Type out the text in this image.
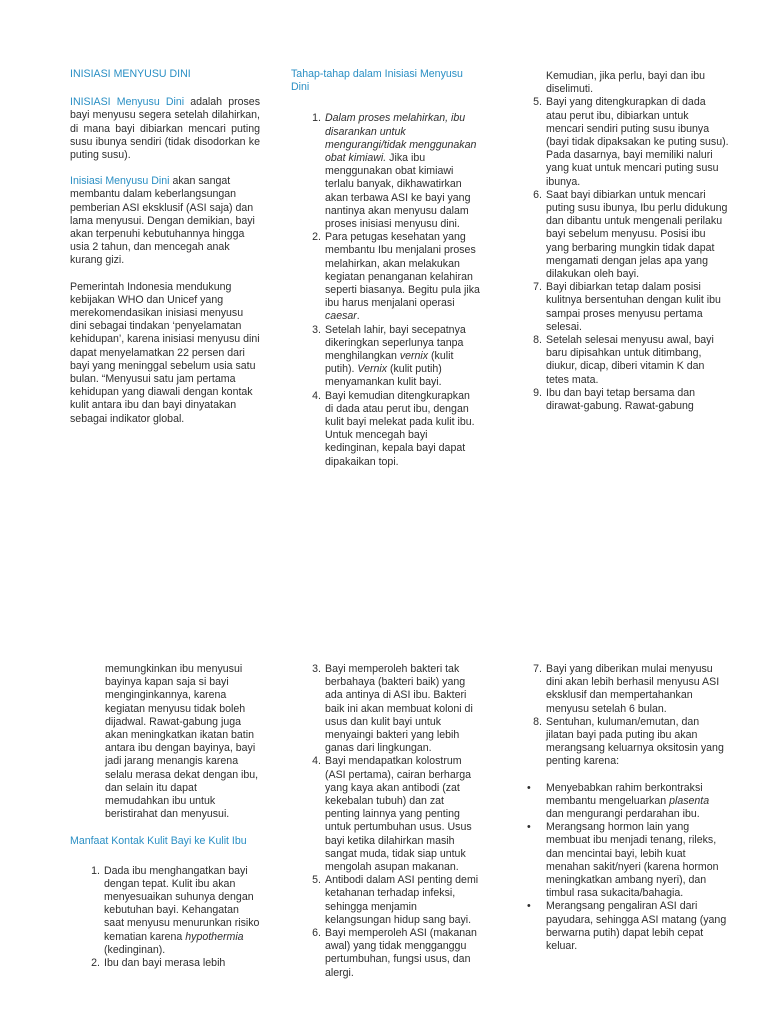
INISIASI MENYUSU DINI

INISIASI Menyusu Dini adalah proses bayi menyusu segera setelah dilahirkan, di mana bayi dibiarkan mencari puting susu ibunya sendiri (tidak disodorkan ke puting susu).

Inisiasi Menyusu Dini akan sangat membantu dalam keberlangsungan pemberian ASI eksklusif (ASI saja) dan lama menyusui. Dengan demikian, bayi akan terpenuhi kebutuhannya hingga usia 2 tahun, dan mencegah anak kurang gizi.

Pemerintah Indonesia mendukung kebijakan WHO dan Unicef yang merekomendasikan inisiasi menyusu dini sebagai tindakan ‘penyelamatan kehidupan’, karena inisiasi menyusu dini dapat menyelamatkan 22 persen dari bayi yang meninggal sebelum usia satu bulan. “Menyusui satu jam pertama kehidupan yang diawali dengan kontak kulit antara ibu dan bayi dinyatakan sebagai indikator global.

Tahap-tahap dalam Inisiasi Menyusu Dini
1. Dalam proses melahirkan, ibu disarankan untuk mengurangi/tidak menggunakan obat kimiawi. Jika ibu menggunakan obat kimiawi terlalu banyak, dikhawatirkan akan terbawa ASI ke bayi yang nantinya akan menyusu dalam proses inisiasi menyusu dini.
2. Para petugas kesehatan yang membantu Ibu menjalani proses melahirkan, akan melakukan kegiatan penanganan kelahiran seperti biasanya. Begitu pula jika ibu harus menjalani operasi caesar.
3. Setelah lahir, bayi secepatnya dikeringkan seperlunya tanpa menghilangkan vernix (kulit putih). Vernix (kulit putih) menyamankan kulit bayi.
4. Bayi kemudian ditengkurapkan di dada atau perut ibu, dengan kulit bayi melekat pada kulit ibu. Untuk mencegah bayi kedinginan, kepala bayi dapat dipakaikan topi.
Kemudian, jika perlu, bayi dan ibu diselimuti.
5. Bayi yang ditengkurapkan di dada atau perut ibu, dibiarkan untuk mencari sendiri puting susu ibunya (bayi tidak dipaksakan ke puting susu). Pada dasarnya, bayi memiliki naluri yang kuat untuk mencari puting susu ibunya.
6. Saat bayi dibiarkan untuk mencari puting susu ibunya, Ibu perlu didukung dan dibantu untuk mengenali perilaku bayi sebelum menyusu. Posisi ibu yang berbaring mungkin tidak dapat mengamati dengan jelas apa yang dilakukan oleh bayi.
7. Bayi dibiarkan tetap dalam posisi kulitnya bersentuhan dengan kulit ibu sampai proses menyusu pertama selesai.
8. Setelah selesai menyusu awal, bayi baru dipisahkan untuk ditimbang, diukur, dicap, diberi vitamin K dan tetes mata.
9. Ibu dan bayi tetap bersama dan dirawat-gabung. Rawat-gabung
memungkinkan ibu menyusui bayinya kapan saja si bayi menginginkannya, karena kegiatan menyusu tidak boleh dijadwal. Rawat-gabung juga akan meningkatkan ikatan batin antara ibu dengan bayinya, bayi jadi jarang menangis karena selalu merasa dekat dengan ibu, dan selain itu dapat memudahkan ibu untuk beristirahat dan menyusui.
Manfaat Kontak Kulit Bayi ke Kulit Ibu
1. Dada ibu menghangatkan bayi dengan tepat. Kulit ibu akan menyesuaikan suhunya dengan kebutuhan bayi. Kehangatan saat menyusu menurunkan risiko kematian karena hypothermia (kedinginan).
2. Ibu dan bayi merasa lebih
3. Bayi memperoleh bakteri tak berbahaya (bakteri baik) yang ada antinya di ASI ibu. Bakteri baik ini akan membuat koloni di usus dan kulit bayi untuk menyaingi bakteri yang lebih ganas dari lingkungan.
4. Bayi mendapatkan kolostrum (ASI pertama), cairan berharga yang kaya akan antibodi (zat kekebalan tubuh) dan zat penting lainnya yang penting untuk pertumbuhan usus. Usus bayi ketika dilahirkan masih sangat muda, tidak siap untuk mengolah asupan makanan.
5. Antibodi dalam ASI penting demi ketahanan terhadap infeksi, sehingga menjamin kelangsungan hidup sang bayi.
6. Bayi memperoleh ASI (makanan awal) yang tidak mengganggu pertumbuhan, fungsi usus, dan alergi.
7. Bayi yang diberikan mulai menyusu dini akan lebih berhasil menyusu ASI eksklusif dan mempertahankan menyusu setelah 6 bulan.
8. Sentuhan, kuluman/emutan, dan jilatan bayi pada puting ibu akan merangsang keluarnya oksitosin yang penting karena:
• Menyebabkan rahim berkontraksi membantu mengeluarkan plasenta dan mengurangi perdarahan ibu.
• Merangsang hormon lain yang membuat ibu menjadi tenang, rileks, dan mencintai bayi, lebih kuat menahan sakit/nyeri (karena hormon meningkatkan ambang nyeri), dan timbul rasa sukacita/bahagia.
• Merangsang pengaliran ASI dari payudara, sehingga ASI matang (yang berwarna putih) dapat lebih cepat keluar.
